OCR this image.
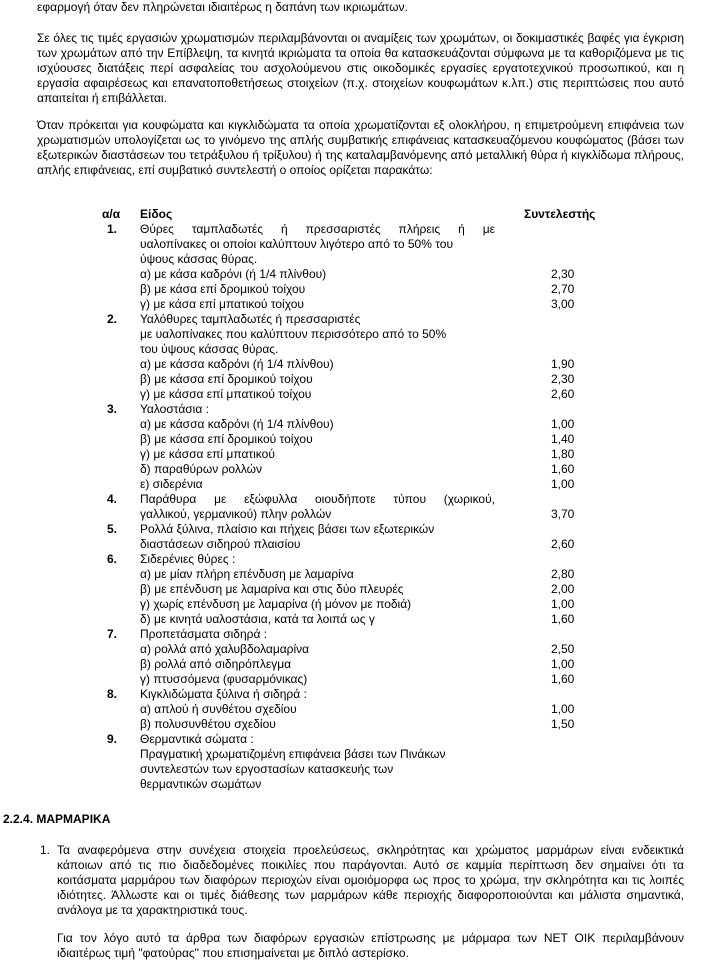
εφαρμογή όταν δεν πληρώνεται ιδιαιτέρως η δαπάνη των ικριωμάτων.

Σε όλες τις τιμές εργασιών χρωματισμών περιλαμβάνονται οι αναμίξεις των χρωμάτων, οι δοκιμαστικές βαφές για έγκριση των χρωμάτων από την Επίβλεψη, τα κινητά ικριώματα τα οποία θα κατασκευάζονται σύμφωνα με τα καθοριζόμενα με τις ισχύουσες διατάξεις περί ασφαλείας του ασχολούμενου στις οικοδομικές εργασίες εργατοτεχνικού προσωπικού, και η εργασία αφαιρέσεως και επανατοποθετήσεως στοιχείων (π.χ. στοιχείων κουφωμάτων κ.λπ.) στις περιπτώσεις που αυτό απαιτείται ή επιβάλλεται.

Όταν πρόκειται για κουφώματα και κιγκλιδώματα τα οποία χρωματίζονται εξ ολοκλήρου, η επιμετρούμενη επιφάνεια των χρωματισμών υπολογίζεται ως το γινόμενο της απλής συμβατικής επιφάνειας κατασκευαζόμενου κουφώματος (βάσει των εξωτερικών διαστάσεων του τετράξυλου ή τρίξυλου) ή της καταλαμβανόμενης από μεταλλική θύρα ή κιγκλίδωμα πλήρους, απλής επιφάνειας, επί συμβατικό συντελεστή ο οποίος ορίζεται παρακάτω:

α/α Είδος	Συντελεστής
1. Θύρες ταμπλαδωτές ή πρεσσαριστές πλήρεις ή με
υαλοπίνακες οι οποίοι καλύπτουν λιγότερο από το 50% του
ύψους κάσσας θύρας.
α) με κάσα καδρόνι (ή 1/4 πλίνθου)	2,30
β) με κάσα επί δρομικού τοίχου	2,70
γ) με κάσα επί μπατικού τοίχου	3,00
2. Υαλόθυρες ταμπλαδωτές ή πρεσσαριστές
με υαλοπίνακες που καλύπτουν περισσότερο από το 50%
του ύψους κάσσας θύρας.
α) με κάσσα καδρόνι (ή 1/4 πλίνθου)	1,90
β) με κάσσα επί δρομικού τοίχου	2,30
γ) με κάσσα επί μπατικού τοίχου	2,60
3. Υαλοστάσια :
α) με κάσσα καδρόνι (ή 1/4 πλίνθου)	1,00
β) με κάσσα επί δρομικού τοίχου	1,40
γ) με κάσσα επί μπατικού	1,80
δ) παραθύρων ρολλών	1,60
ε) σιδερένια	1,00
4. Παράθυρα με εξώφυλλα οιουδήποτε τύπου (χωρικού,
γαλλικού, γερμανικού) πλην ρολλών	3,70
5. Ρολλά ξύλινα, πλαίσιο και πήχεις βάσει των εξωτερικών
διαστάσεων σιδηρού πλαισίου	2,60
6. Σιδερένιες θύρες :
α) με μίαν πλήρη επένδυση με λαμαρίνα	2,80
β) με επένδυση με λαμαρίνα και στις δύο πλευρές	2,00
γ) χωρίς επένδυση με λαμαρίνα (ή μόνον με ποδιά)	1,00
δ) με κινητά υαλοστάσια, κατά τα λοιπά ως γ	1,60
7. Προπετάσματα σιδηρά :
α) ρολλά από χαλυβδολαμαρίνα	2,50
β) ρολλά από σιδηρόπλεγμα	1,00
γ) πτυσσόμενα (φυσαρμόνικας)	1,60
8. Κιγκλιδώματα ξύλινα ή σιδηρά :
α) απλού ή συνθέτου σχεδίου	1,00
β) πολυσυνθέτου σχεδίου	1,50
9. Θερμαντικά σώματα :
Πραγματική χρωματιζομένη επιφάνεια βάσει των Πινάκων
συντελεστών των εργοστασίων κατασκευής των
θερμαντικών σωμάτων
2.2.4. ΜΑΡΜΑΡΙΚΑ
1. Τα αναφερόμενα στην συνέχεια στοιχεία προελεύσεως, σκληρότητας και χρώματος μαρμάρων είναι ενδεικτικά κάποιων από τις πιο διαδεδομένες ποικιλίες που παράγονται. Αυτό σε καμμία περίπτωση δεν σημαίνει ότι τα κοιτάσματα μαρμάρου των διαφόρων περιοχών είναι ομοιόμορφα ως προς το χρώμα, την σκληρότητα και τις λοιπές ιδιότητες. Άλλωστε και οι τιμές διάθεσης των μαρμάρων κάθε περιοχής διαφοροποιούνται και μάλιστα σημαντικά, ανάλογα με τα χαρακτηριστικά τους.

Για τον λόγο αυτό τα άρθρα των διαφόρων εργασιών επίστρωσης με μάρμαρα των ΝΕΤ ΟΙΚ περιλαμβάνουν ιδιαιτέρως τιμή "φατούρας" που επισημαίνεται με διπλό αστερίσκο.
